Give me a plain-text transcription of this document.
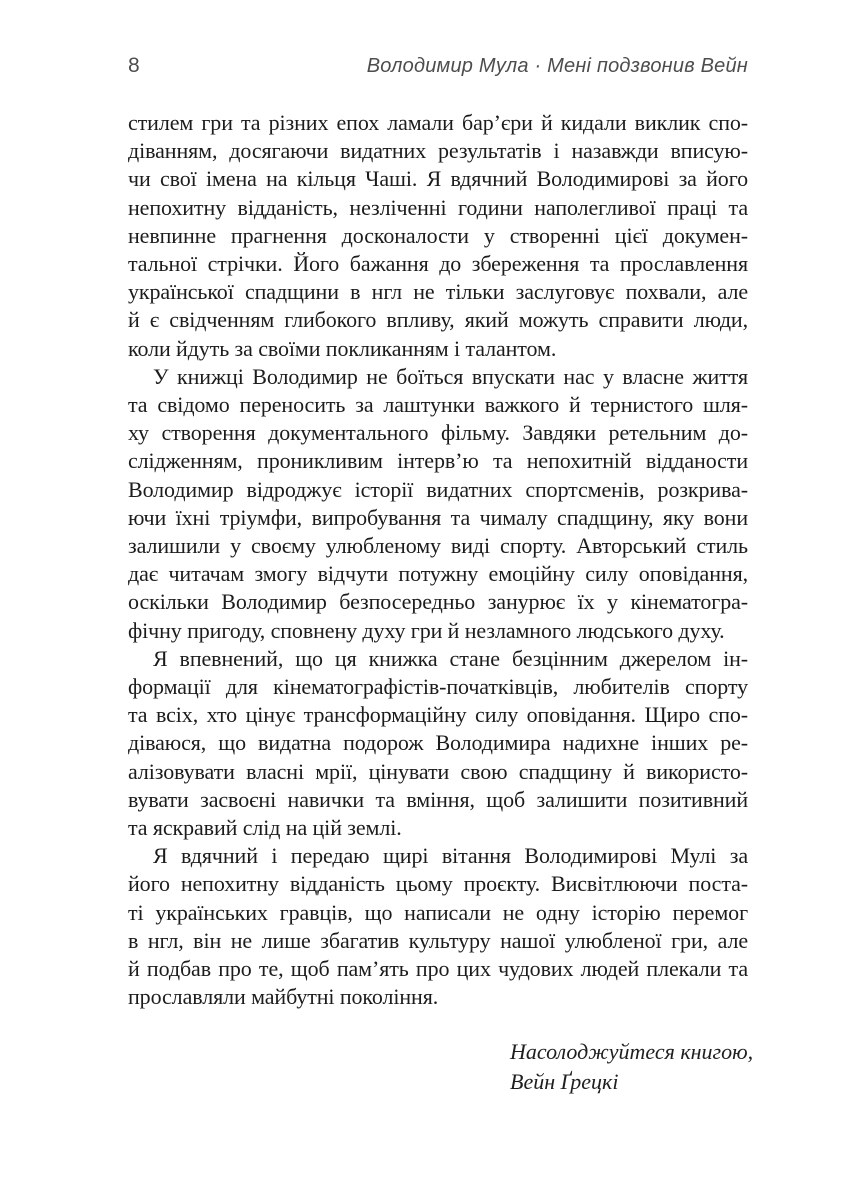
8	Володимир Мула · Мені подзвонив Вейн
стилем гри та різних епох ламали бар’єри й кидали виклик спо-
діванням, досягаючи видатних результатів і назавжди вписую-
чи свої імена на кільця Чаші. Я вдячний Володимирові за його
непохитну відданість, незліченні години наполегливої праці та
невпинне прагнення досконалости у створенні цієї докумен-
тальної стрічки. Його бажання до збереження та прославлення
української спадщини в нгл не тільки заслуговує похвали, але
й є свідченням глибокого впливу, який можуть справити люди,
коли йдуть за своїми покликанням і талантом.
У книжці Володимир не боїться впускати нас у власне життя
та свідомо переносить за лаштунки важкого й тернистого шля-
ху створення документального фільму. Завдяки ретельним до-
слідженням, проникливим інтерв’ю та непохитній відданости
Володимир відроджує історії видатних спортсменів, розкрива-
ючи їхні тріумфи, випробування та чималу спадщину, яку вони
залишили у своєму улюбленому виді спорту. Авторський стиль
дає читачам змогу відчути потужну емоційну силу оповідання,
оскільки Володимир безпосередньо занурює їх у кінематогра-
фічну пригоду, сповнену духу гри й незламного людського духу.
Я впевнений, що ця книжка стане безцінним джерелом ін-
формації для кінематографістів-початківців, любителів спорту
та всіх, хто цінує трансформаційну силу оповідання. Щиро спо-
діваюся, що видатна подорож Володимира надихне інших ре-
алізовувати власні мрії, цінувати свою спадщину й використо-
вувати засвоєні навички та вміння, щоб залишити позитивний
та яскравий слід на цій землі.
Я вдячний і передаю щирі вітання Володимирові Мулі за
його непохитну відданість цьому проєкту. Висвітлюючи поста-
ті українських гравців, що написали не одну історію перемог
в нгл, він не лише збагатив культуру нашої улюбленої гри, але
й подбав про те, щоб пам’ять про цих чудових людей плекали та
прославляли майбутні покоління.
Насолоджуйтеся книгою,
Вейн Ґрецкі
